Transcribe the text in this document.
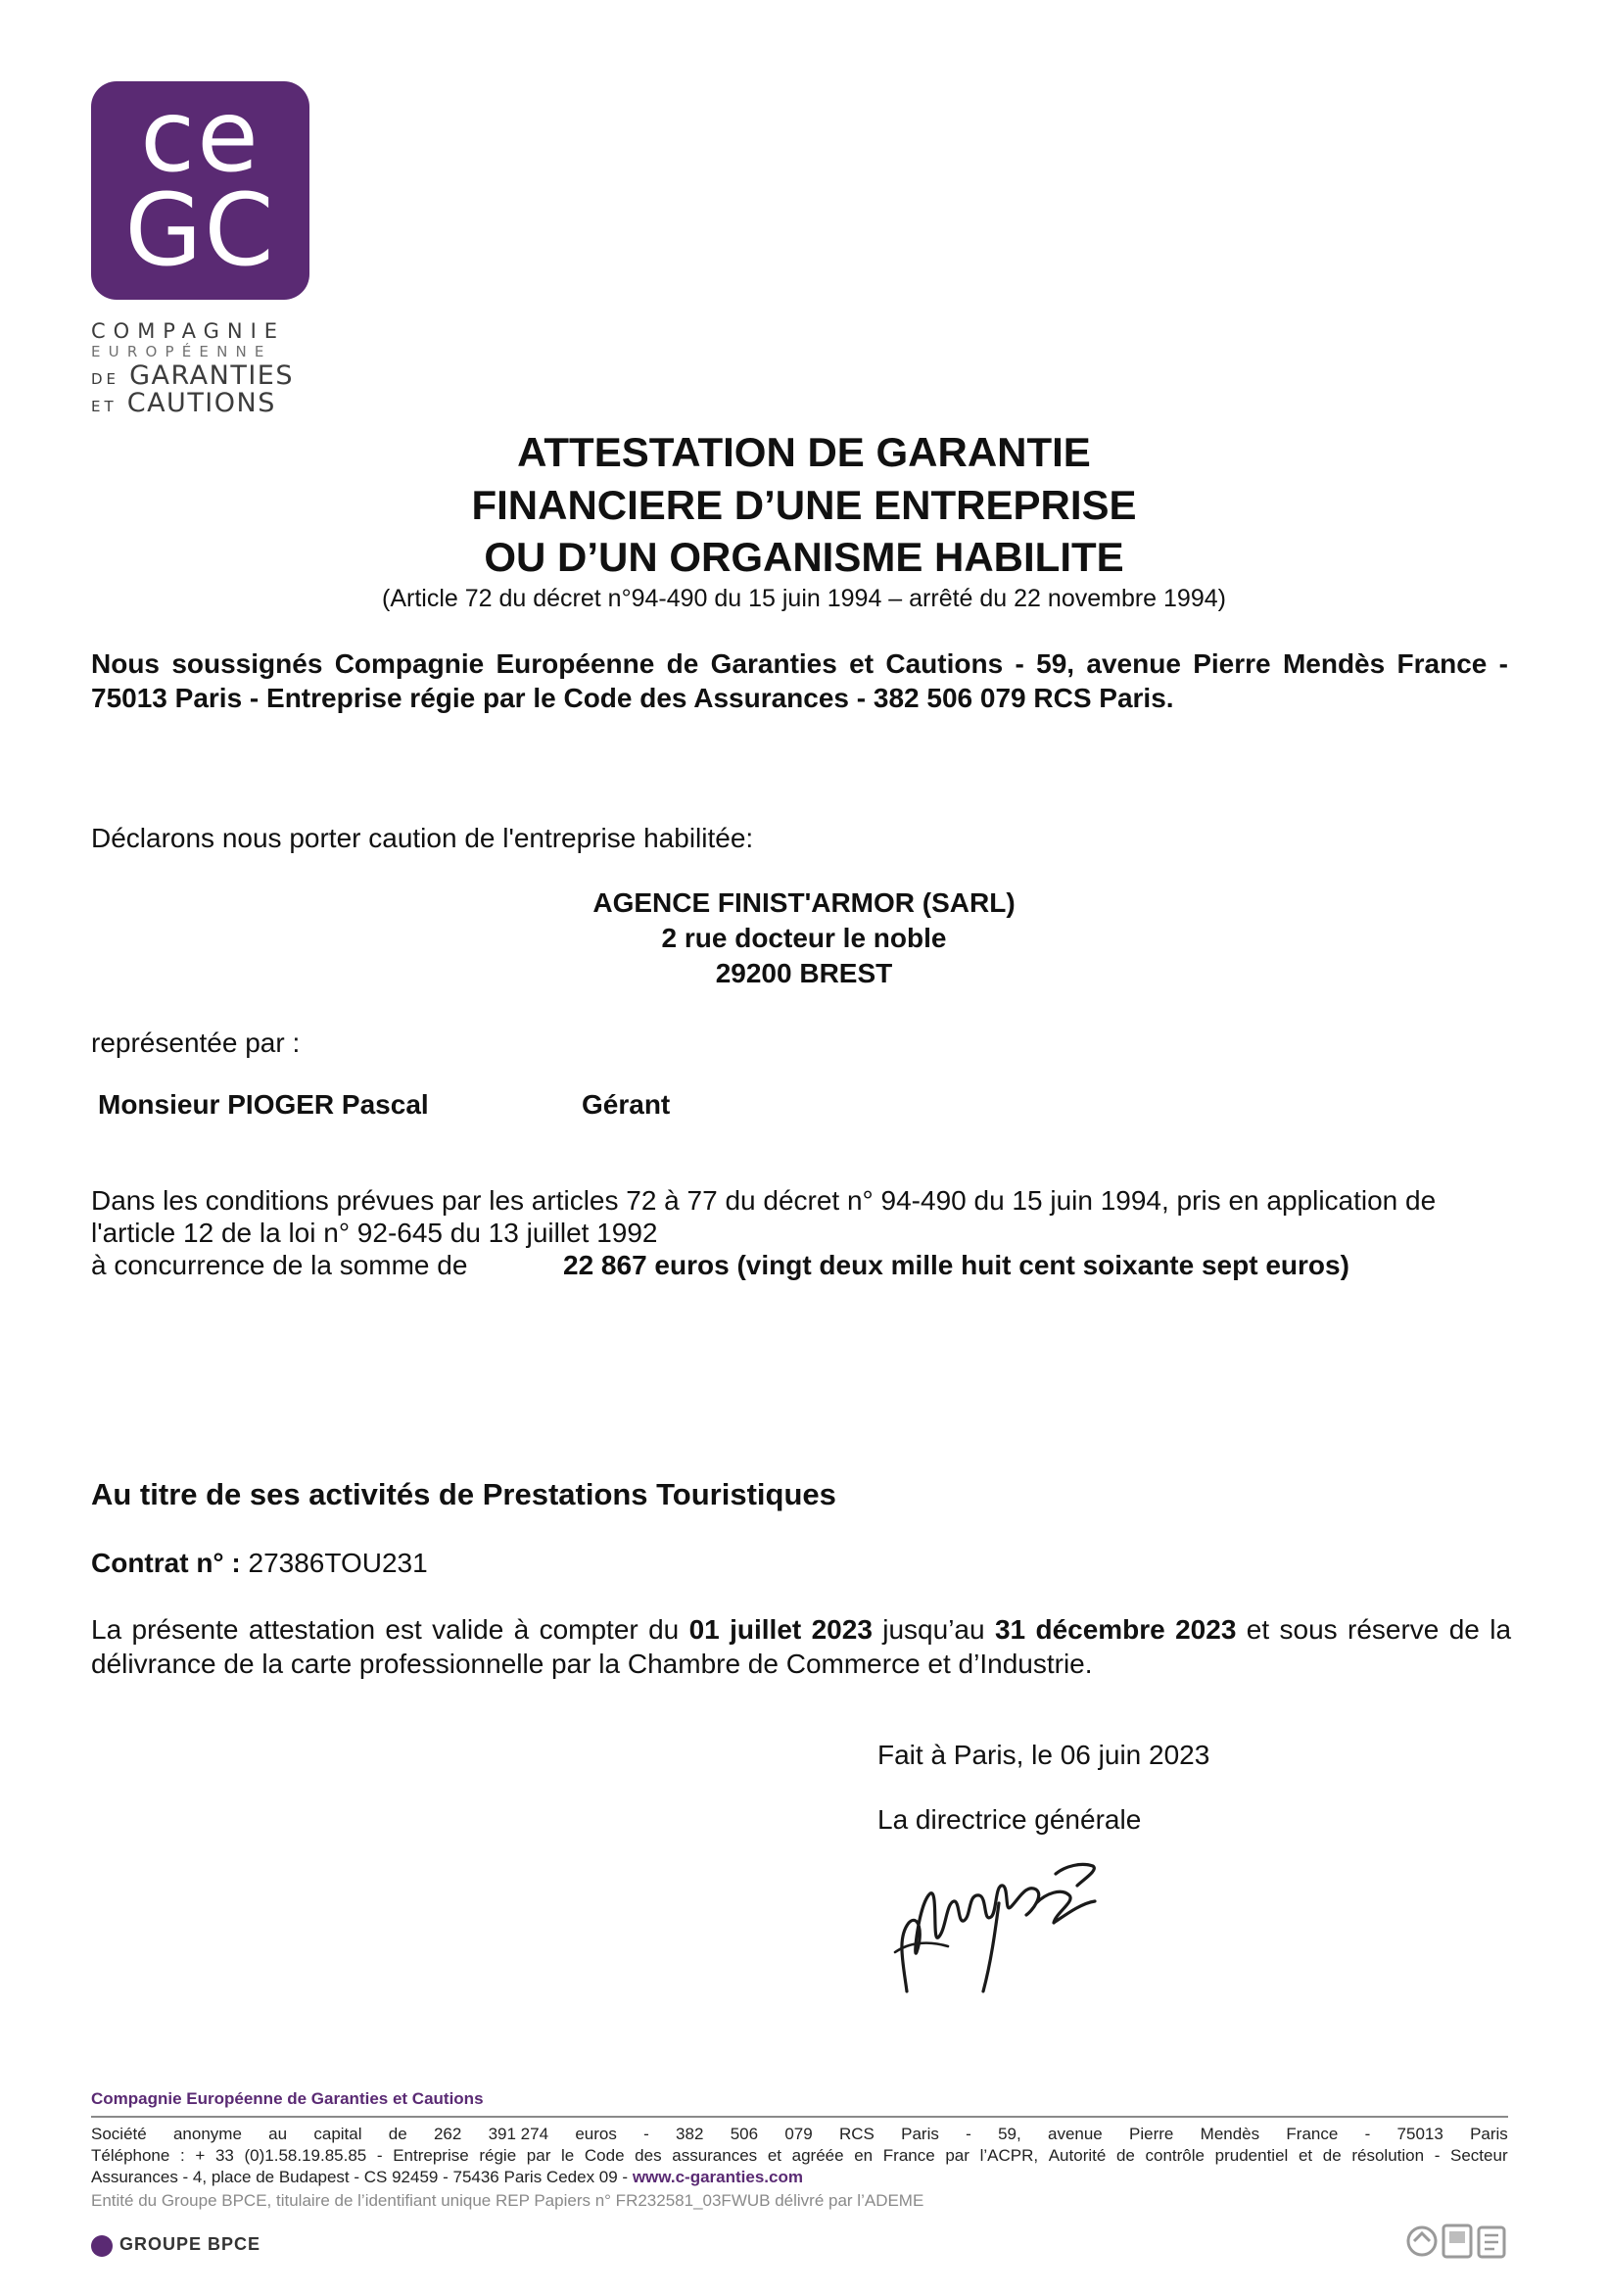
ce
GC
COMPAGNIE
EUROPÉENNE
DE GARANTIES
ET CAUTIONS
ATTESTATION DE GARANTIE
FINANCIERE D’UNE ENTREPRISE
OU D’UN ORGANISME HABILITE
(Article 72 du décret n°94-490 du 15 juin 1994 – arrêté du 22 novembre 1994)
Nous soussignés Compagnie Européenne de Garanties et Cautions - 59, avenue Pierre Mendès France - 75013 Paris - Entreprise régie par le Code des Assurances - 382 506 079 RCS Paris.
Déclarons nous porter caution de l'entreprise habilitée:
AGENCE FINIST'ARMOR (SARL)
2 rue docteur le noble
29200 BREST
représentée par :
Monsieur PIOGER Pascal	Gérant
Dans les conditions prévues par les articles 72 à 77 du décret n° 94-490 du 15 juin 1994, pris en application de
l'article 12 de la loi n° 92-645 du 13 juillet 1992
à concurrence de la somme de	22 867 euros (vingt deux mille huit cent soixante sept euros)
Au titre de ses activités de Prestations Touristiques
Contrat n° : 27386TOU231
La présente attestation est valide à compter du 01 juillet 2023 jusqu’au 31 décembre 2023 et sous réserve de la délivrance de la carte professionnelle par la Chambre de Commerce et d’Industrie.
Fait à Paris, le 06 juin 2023
La directrice générale
Compagnie Européenne de Garanties et Cautions
Société anonyme au capital de 262 391 274 euros - 382 506 079 RCS Paris - 59, avenue Pierre Mendès France - 75013 Paris
Téléphone : + 33 (0)1.58.19.85.85 - Entreprise régie par le Code des assurances et agréée en France par l’ACPR, Autorité de contrôle prudentiel et de résolution - Secteur
Assurances - 4, place de Budapest - CS 92459 - 75436 Paris Cedex 09 - www.c-garanties.com
Entité du Groupe BPCE, titulaire de l’identifiant unique REP Papiers n° FR232581_03FWUB délivré par l’ADEME
GROUPE BPCE
